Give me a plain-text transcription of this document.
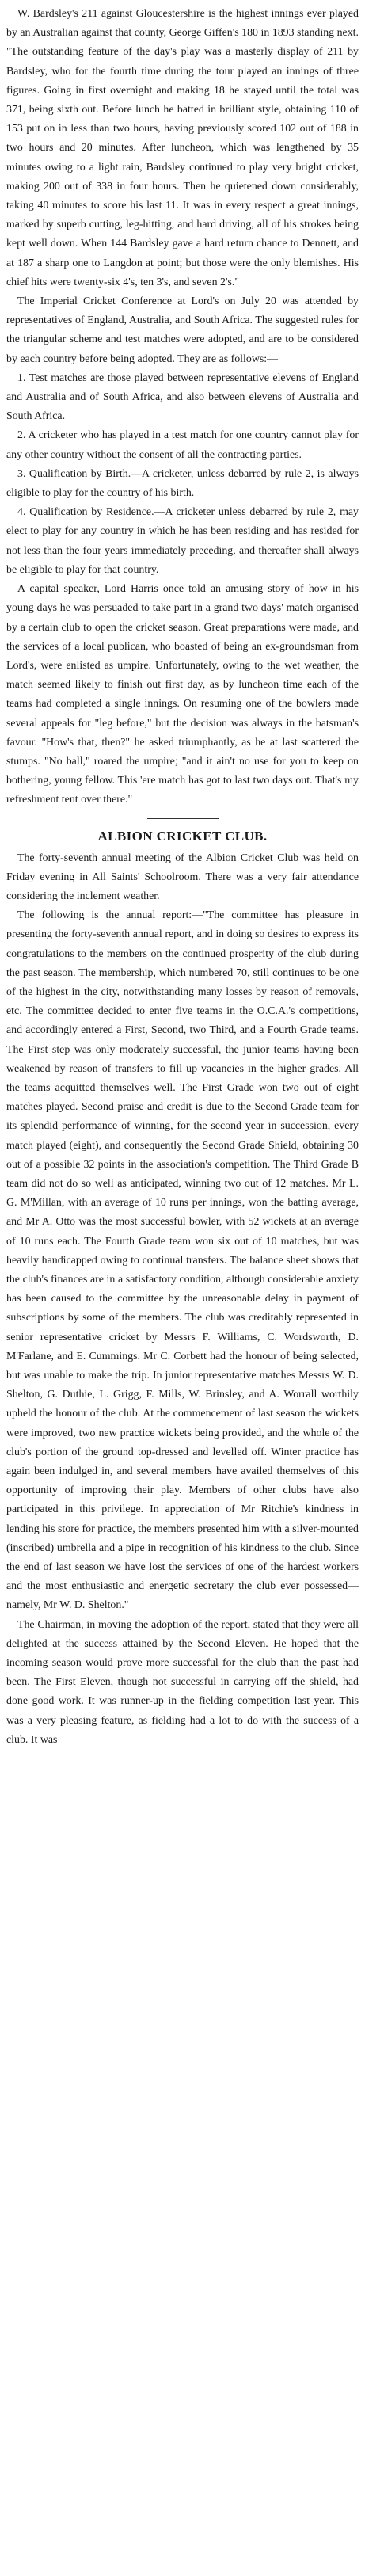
W. Bardsley's 211 against Gloucestershire is the highest innings ever played by an Australian against that county, George Giffen's 180 in 1893 standing next. "The outstanding feature of the day's play was a masterly display of 211 by Bardsley, who for the fourth time during the tour played an innings of three figures. Going in first overnight and making 18 he stayed until the total was 371, being sixth out. Before lunch he batted in brilliant style, obtaining 110 of 153 put on in less than two hours, having previously scored 102 out of 188 in two hours and 20 minutes. After luncheon, which was lengthened by 35 minutes owing to a light rain, Bardsley continued to play very bright cricket, making 200 out of 338 in four hours. Then he quietened down considerably, taking 40 minutes to score his last 11. It was in every respect a great innings, marked by superb cutting, leg-hitting, and hard driving, all of his strokes being kept well down. When 144 Bardsley gave a hard return chance to Dennett, and at 187 a sharp one to Langdon at point; but those were the only blemishes. His chief hits were twenty-six 4's, ten 3's, and seven 2's."

The Imperial Cricket Conference at Lord's on July 20 was attended by representatives of England, Australia, and South Africa. The suggested rules for the triangular scheme and test matches were adopted, and are to be considered by each country before being adopted. They are as follows:—

1. Test matches are those played between representative elevens of England and Australia and of South Africa, and also between elevens of Australia and South Africa.

2. A cricketer who has played in a test match for one country cannot play for any other country without the consent of all the contracting parties.

3. Qualification by Birth.—A cricketer, unless debarred by rule 2, is always eligible to play for the country of his birth.

4. Qualification by Residence.—A cricketer unless debarred by rule 2, may elect to play for any country in which he has been residing and has resided for not less than the four years immediately preceding, and thereafter shall always be eligible to play for that country.

A capital speaker, Lord Harris once told an amusing story of how in his young days he was persuaded to take part in a grand two days' match organised by a certain club to open the cricket season. Great preparations were made, and the services of a local publican, who boasted of being an ex-groundsman from Lord's, were enlisted as umpire. Unfortunately, owing to the wet weather, the match seemed likely to finish out first day, as by luncheon time each of the teams had completed a single innings. On resuming one of the bowlers made several appeals for "leg before," but the decision was always in the batsman's favour. "How's that, then?" he asked triumphantly, as he at last scattered the stumps. "No ball," roared the umpire; "and it ain't no use for you to keep on bothering, young fellow. This 'ere match has got to last two days out. That's my refreshment tent over there."

ALBION CRICKET CLUB.

The forty-seventh annual meeting of the Albion Cricket Club was held on Friday evening in All Saints' Schoolroom. There was a very fair attendance considering the inclement weather.

The following is the annual report:—"The committee has pleasure in presenting the forty-seventh annual report, and in doing so desires to express its congratulations to the members on the continued prosperity of the club during the past season. The membership, which numbered 70, still continues to be one of the highest in the city, notwithstanding many losses by reason of removals, etc. The committee decided to enter five teams in the O.C.A.'s competitions, and accordingly entered a First, Second, two Third, and a Fourth Grade teams. The First step was only moderately successful, the junior teams having been weakened by reason of transfers to fill up vacancies in the higher grades. All the teams acquitted themselves well. The First Grade won two out of eight matches played. Second praise and credit is due to the Second Grade team for its splendid performance of winning, for the second year in succession, every match played (eight), and consequently the Second Grade Shield, obtaining 30 out of a possible 32 points in the association's competition. The Third Grade B team did not do so well as anticipated, winning two out of 12 matches. Mr L. G. M'Millan, with an average of 10 runs per innings, won the batting average, and Mr A. Otto was the most successful bowler, with 52 wickets at an average of 10 runs each. The Fourth Grade team won six out of 10 matches, but was heavily handicapped owing to continual transfers. The balance sheet shows that the club's finances are in a satisfactory condition, although considerable anxiety has been caused to the committee by the unreasonable delay in payment of subscriptions by some of the members. The club was creditably represented in senior representative cricket by Messrs F. Williams, C. Wordsworth, D. M'Farlane, and E. Cummings. Mr C. Corbett had the honour of being selected, but was unable to make the trip. In junior representative matches Messrs W. D. Shelton, G. Duthie, L. Grigg, F. Mills, W. Brinsley, and A. Worrall worthily upheld the honour of the club. At the commencement of last season the wickets were improved, two new practice wickets being provided, and the whole of the club's portion of the ground top-dressed and levelled off. Winter practice has again been indulged in, and several members have availed themselves of this opportunity of improving their play. Members of other clubs have also participated in this privilege. In appreciation of Mr Ritchie's kindness in lending his store for practice, the members presented him with a silver-mounted (inscribed) umbrella and a pipe in recognition of his kindness to the club. Since the end of last season we have lost the services of one of the hardest workers and the most enthusiastic and energetic secretary the club ever possessed—namely, Mr W. D. Shelton."

The Chairman, in moving the adoption of the report, stated that they were all delighted at the success attained by the Second Eleven. He hoped that the incoming season would prove more successful for the club than the past had been. The First Eleven, though not successful in carrying off the shield, had done good work. It was runner-up in the fielding competition last year. This was a very pleasing feature, as fielding had a lot to do with the success of a club. It was
